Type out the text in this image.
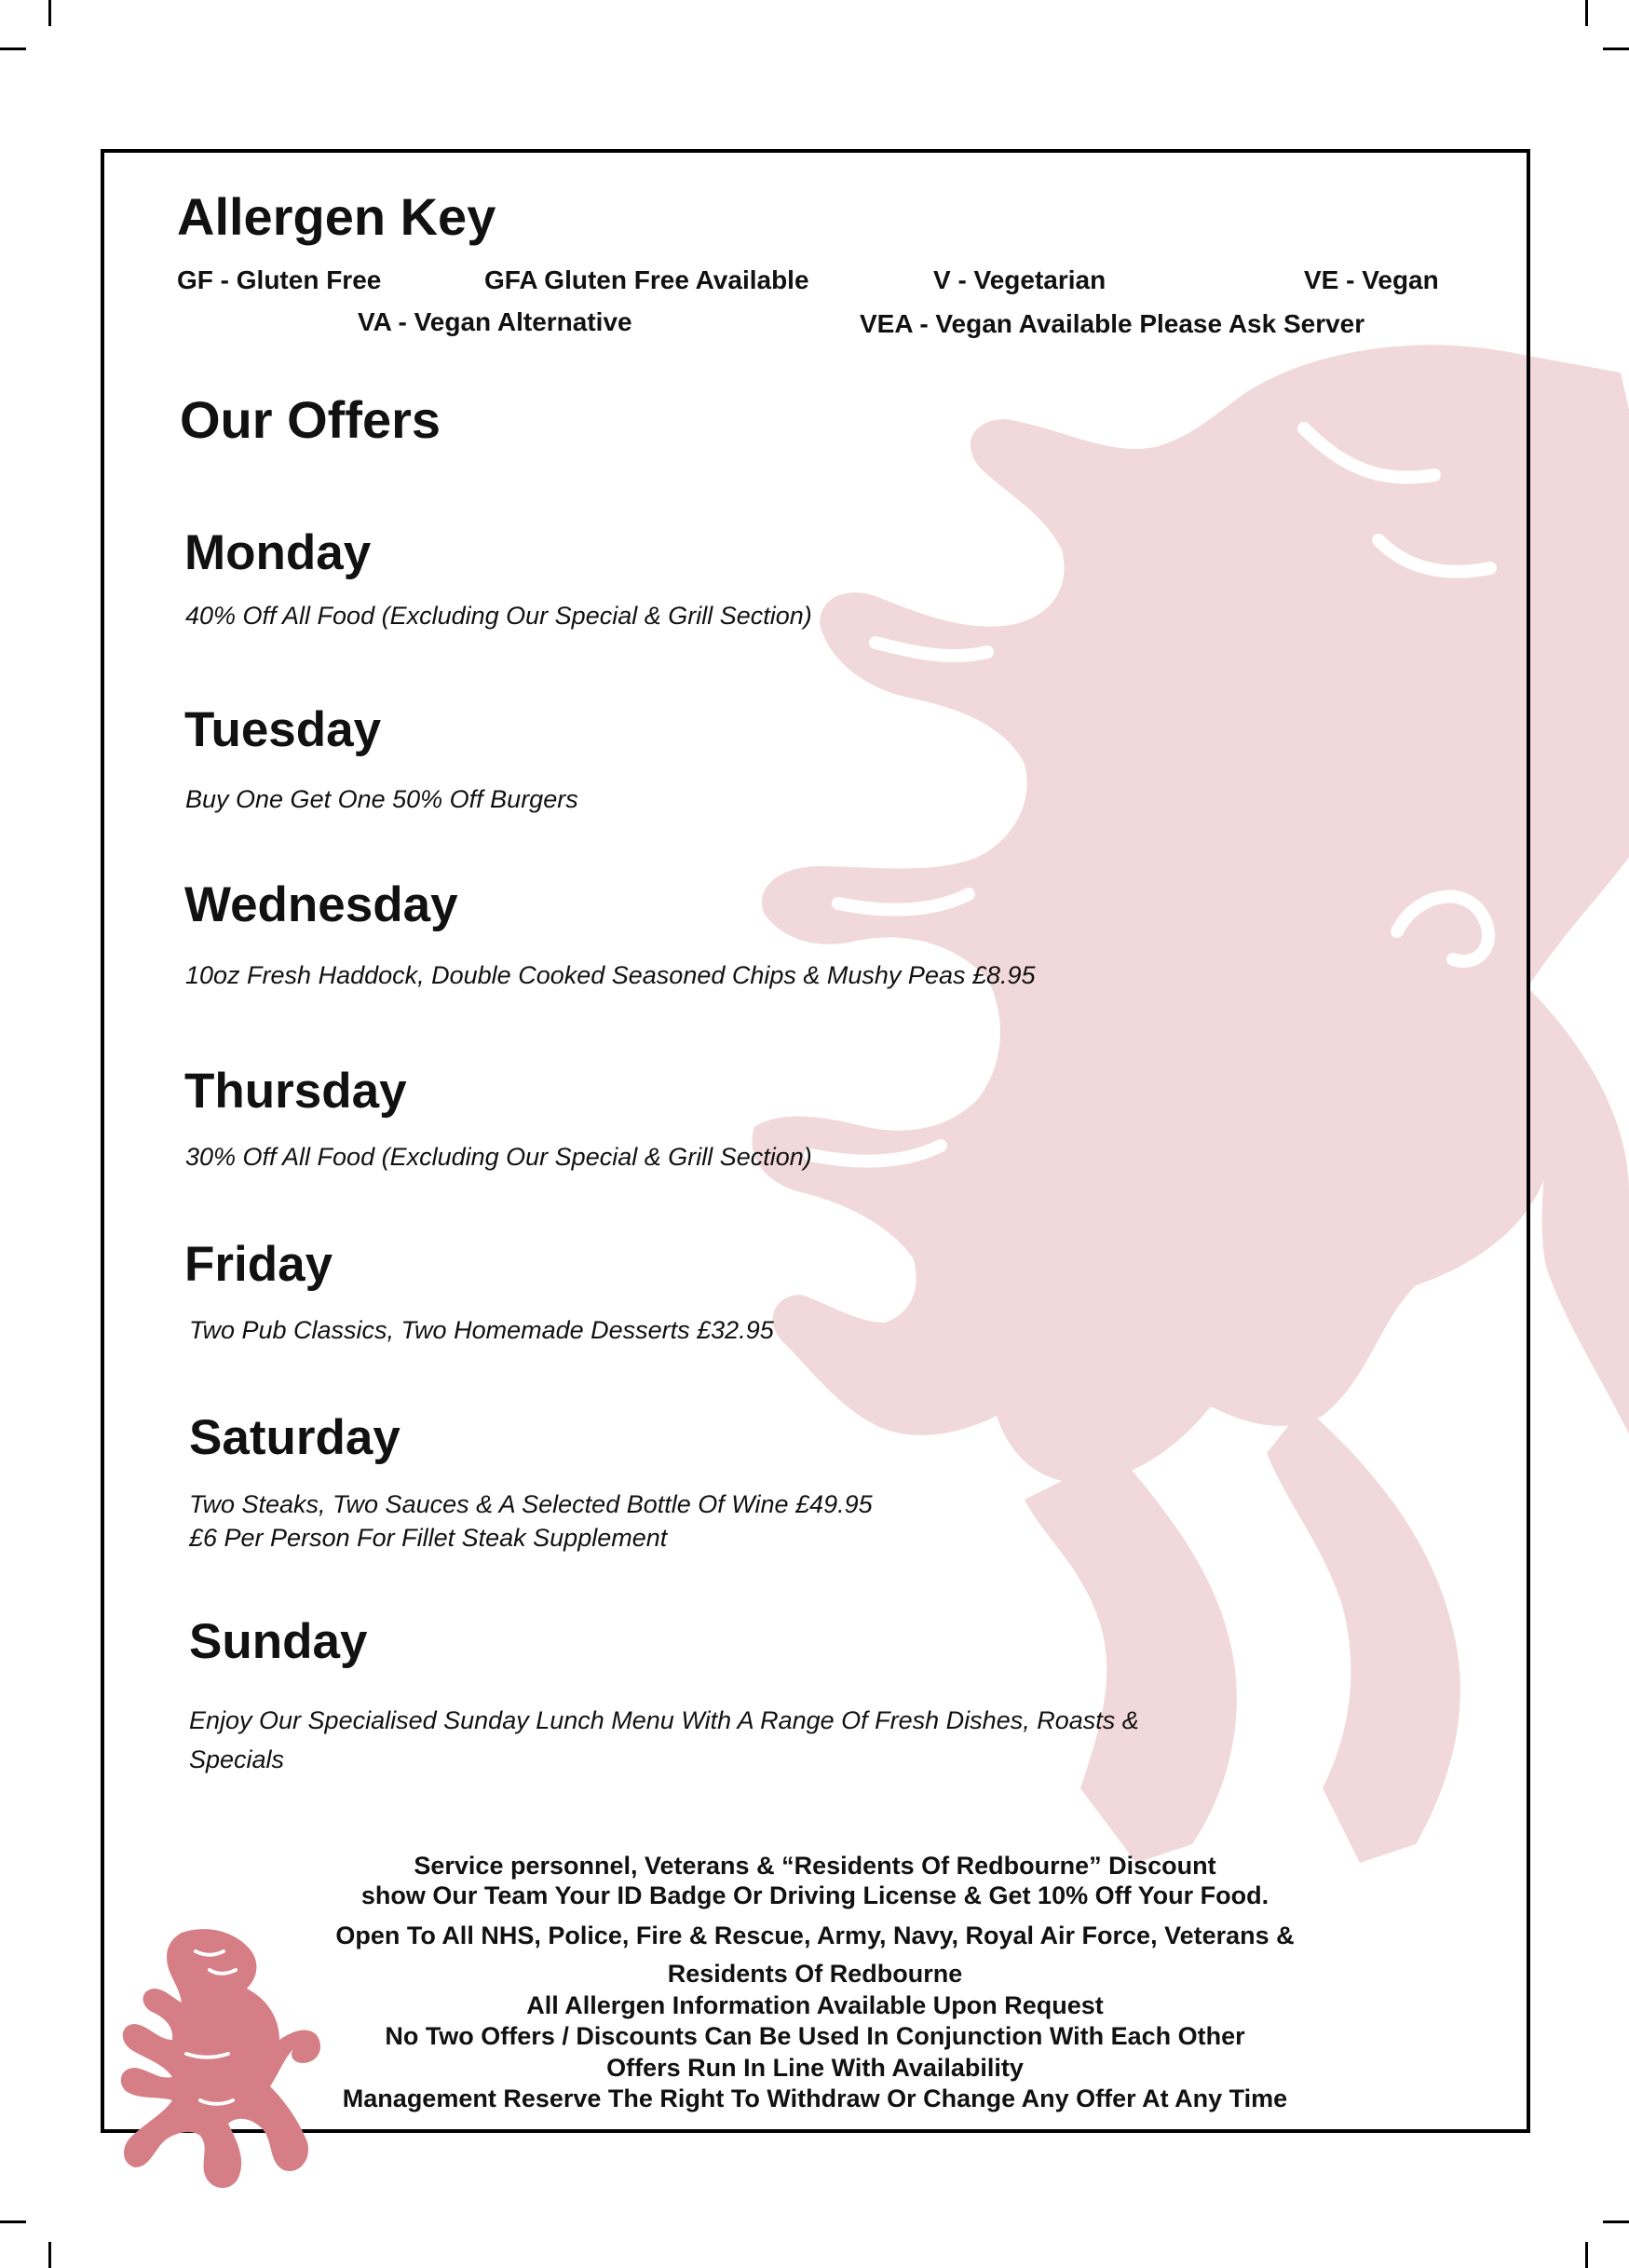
Allergen Key
GF - Gluten Free	GFA Gluten Free Available	V - Vegetarian	VE - Vegan
VA - Vegan Alternative	VEA - Vegan Available Please Ask Server
Our Offers
Monday
40% Off All Food (Excluding Our Special & Grill Section)
Tuesday
Buy One Get One 50% Off Burgers
Wednesday
10oz Fresh Haddock, Double Cooked Seasoned Chips & Mushy Peas £8.95
Thursday
30% Off All Food (Excluding Our Special & Grill Section)
Friday
Two Pub Classics, Two Homemade Desserts £32.95
Saturday
Two Steaks, Two Sauces & A Selected Bottle Of Wine £49.95
£6 Per Person For Fillet Steak Supplement
Sunday
Enjoy Our Specialised Sunday Lunch Menu With A Range Of Fresh Dishes, Roasts &
Specials
Service personnel, Veterans & “Residents Of Redbourne” Discount
show Our Team Your ID Badge Or Driving License & Get 10% Off Your Food.
Open To All NHS, Police, Fire & Rescue, Army, Navy, Royal Air Force, Veterans &
Residents Of Redbourne
All Allergen Information Available Upon Request
No Two Offers / Discounts Can Be Used In Conjunction With Each Other
Offers Run In Line With Availability
Management Reserve The Right To Withdraw Or Change Any Offer At Any Time
